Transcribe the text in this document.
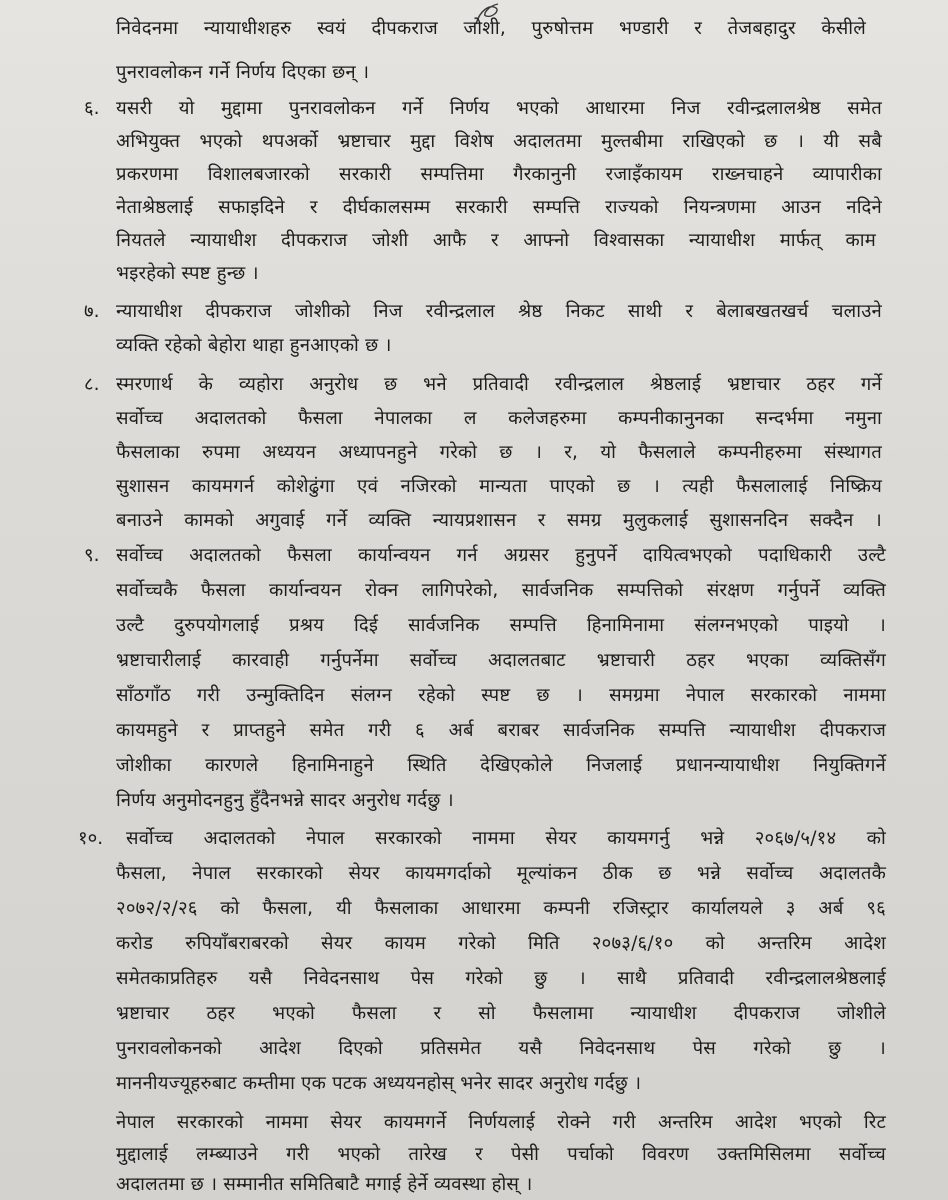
निवेदनमा न्यायाधीशहरु स्वयं दीपकराज जोशी, पुरुषोत्तम भण्डारी र तेजबहादुर केसीले
पुनरावलोकन गर्ने निर्णय दिएका छन् ।
६. यसरी यो मुद्दामा पुनरावलोकन गर्ने निर्णय भएको आधारमा निज रवीन्द्रलालश्रेष्ठ समेत
अभियुक्त भएको थपअर्को भ्रष्टाचार मुद्दा विशेष अदालतमा मुल्तबीमा राखिएको छ । यी सबै
प्रकरणमा विशालबजारको सरकारी सम्पत्तिमा गैरकानुनी रजाइँकायम राख्नचाहने व्यापारीका
नेताश्रेष्ठलाई सफाइदिने र दीर्घकालसम्म सरकारी सम्पत्ति राज्यको नियन्त्रणमा आउन नदिने
नियतले न्यायाधीश दीपकराज जोशी आफै र आफ्नो विश्वासका न्यायाधीश मार्फत् काम
भइरहेको स्पष्ट हुन्छ ।
७. न्यायाधीश दीपकराज जोशीको निज रवीन्द्रलाल श्रेष्ठ निकट साथी र बेलाबखतखर्च चलाउने
व्यक्ति रहेको बेहोरा थाहा हुनआएको छ ।
८. स्मरणार्थ के व्यहोरा अनुरोध छ भने प्रतिवादी रवीन्द्रलाल श्रेष्ठलाई भ्रष्टाचार ठहर गर्ने
सर्वोच्च अदालतको फैसला नेपालका ल कलेजहरुमा कम्पनीकानुनका सन्दर्भमा नमुना
फैसलाका रुपमा अध्ययन अध्यापनहुने गरेको छ । र, यो फैसलाले कम्पनीहरुमा संस्थागत
सुशासन कायमगर्न कोशेढुंगा एवं नजिरको मान्यता पाएको छ । त्यही फैसलालाई निष्क्रिय
बनाउने कामको अगुवाई गर्ने व्यक्ति न्यायप्रशासन र समग्र मुलुकलाई सुशासनदिन सक्दैन ।
९. सर्वोच्च अदालतको फैसला कार्यान्वयन गर्न अग्रसर हुनुपर्ने दायित्वभएको पदाधिकारी उल्टै
सर्वोच्चकै फैसला कार्यान्वयन रोक्न लागिपरेको, सार्वजनिक सम्पत्तिको संरक्षण गर्नुपर्ने व्यक्ति
उल्टै दुरुपयोगलाई प्रश्रय दिई सार्वजनिक सम्पत्ति हिनामिनामा संलग्नभएको पाइयो ।
भ्रष्टाचारीलाई कारवाही गर्नुपर्नेमा सर्वोच्च अदालतबाट भ्रष्टाचारी ठहर भएका व्यक्तिसँग
साँठगाँठ गरी उन्मुक्तिदिन संलग्न रहेको स्पष्ट छ । समग्रमा नेपाल सरकारको नाममा
कायमहुने र प्राप्तहुने समेत गरी ६ अर्ब बराबर सार्वजनिक सम्पत्ति न्यायाधीश दीपकराज
जोशीका कारणले हिनामिनाहुने स्थिति देखिएकोले निजलाई प्रधानन्यायाधीश नियुक्तिगर्ने
निर्णय अनुमोदनहुनु हुँदैनभन्ने सादर अनुरोध गर्दछु ।
१०. सर्वोच्च अदालतको नेपाल सरकारको नाममा सेयर कायमगर्नु भन्ने २०६७/५/१४ को
फैसला, नेपाल सरकारको सेयर कायमगर्दाको मूल्यांकन ठीक छ भन्ने सर्वोच्च अदालतकै
२०७२/२/२६ को फैसला, यी फैसलाका आधारमा कम्पनी रजिस्ट्रार कार्यालयले ३ अर्ब ९६
करोड रुपियाँबराबरको सेयर कायम गरेको मिति २०७३/६/१० को अन्तरिम आदेश
समेतकाप्रतिहरु यसै निवेदनसाथ पेस गरेको छु । साथै प्रतिवादी रवीन्द्रलालश्रेष्ठलाई
भ्रष्टाचार ठहर भएको फैसला र सो फैसलामा न्यायाधीश दीपकराज जोशीले
पुनरावलोकनको आदेश दिएको प्रतिसमेत यसै निवेदनसाथ पेस गरेको छु ।
माननीयज्यूहरुबाट कम्तीमा एक पटक अध्ययनहोस् भनेर सादर अनुरोध गर्दछु ।
नेपाल सरकारको नाममा सेयर कायमगर्ने निर्णयलाई रोक्ने गरी अन्तरिम आदेश भएको रिट
मुद्दालाई लम्ब्याउने गरी भएको तारेख र पेसी पर्चाको विवरण उक्तमिसिलमा सर्वोच्च
अदालतमा छ । सम्मानीत समितिबाटै मगाई हेर्ने व्यवस्था होस् ।
